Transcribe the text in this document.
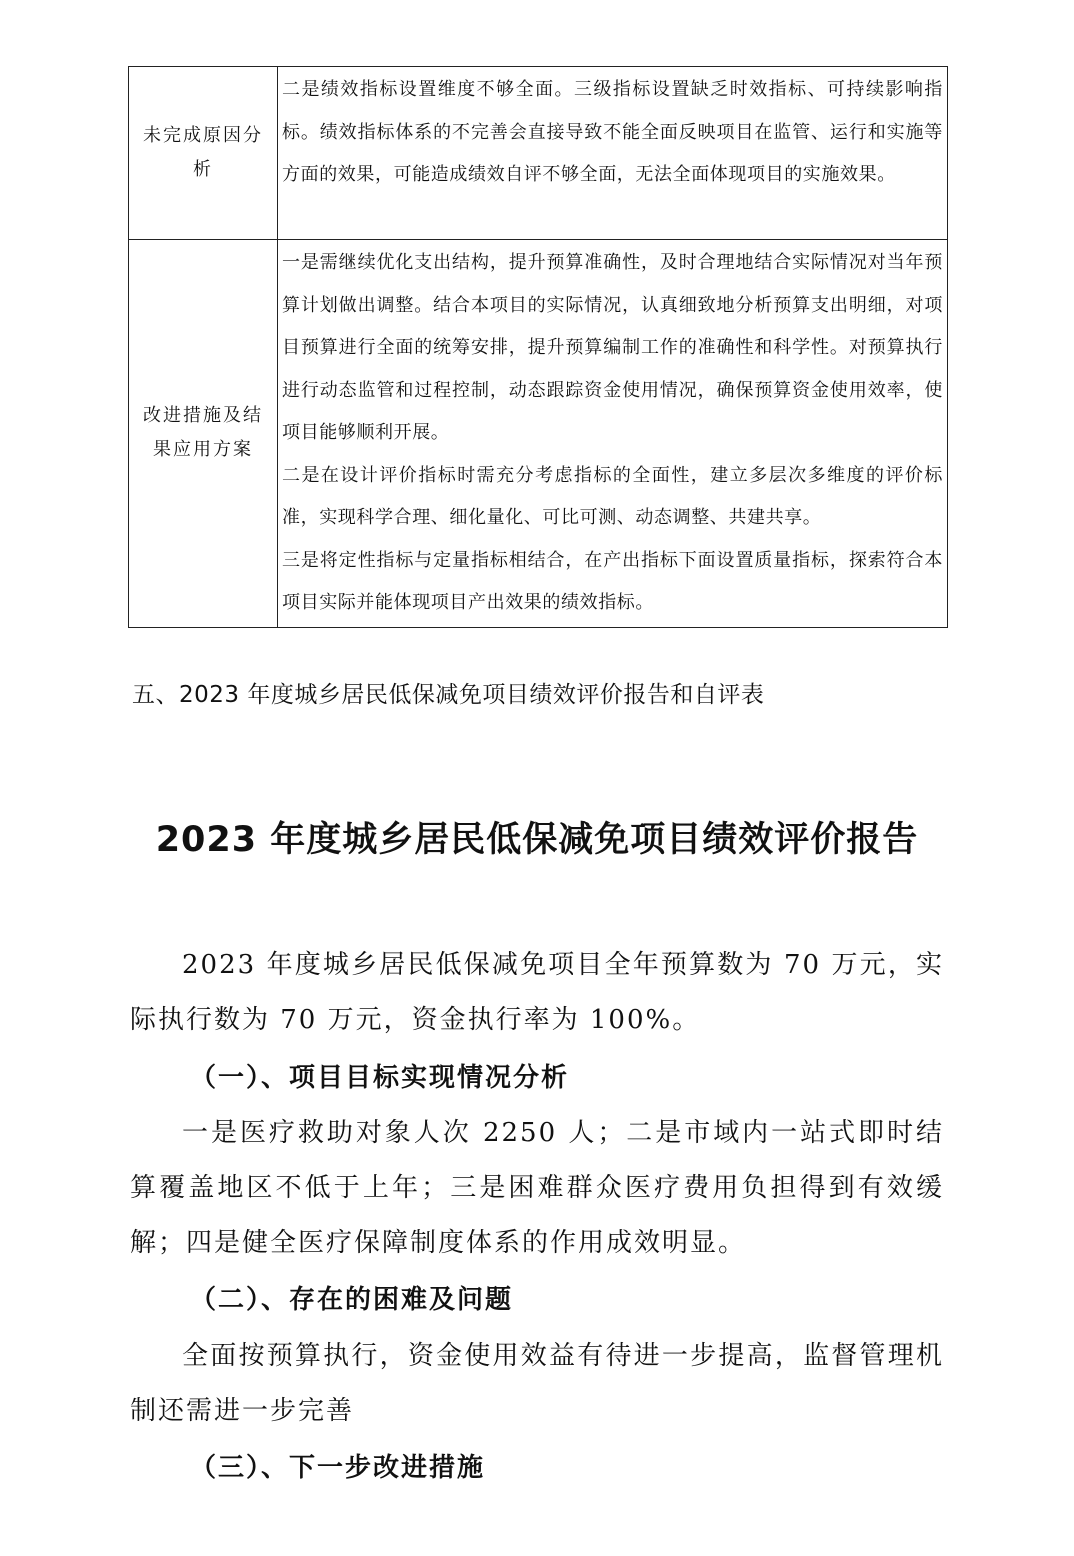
未完成原因分析	二是绩效指标设置维度不够全面。三级指标设置缺乏时效指标、可持续影响指标。绩效指标体系的不完善会直接导致不能全面反映项目在监管、运行和实施等方面的效果，可能造成绩效自评不够全面，无法全面体现项目的实施效果。

改进措施及结果应用方案	一是需继续优化支出结构，提升预算准确性，及时合理地结合实际情况对当年预算计划做出调整。结合本项目的实际情况，认真细致地分析预算支出明细，对项目预算进行全面的统筹安排，提升预算编制工作的准确性和科学性。对预算执行进行动态监管和过程控制，动态跟踪资金使用情况，确保预算资金使用效率，使项目能够顺利开展。

二是在设计评价指标时需充分考虑指标的全面性，建立多层次多维度的评价标准，实现科学合理、细化量化、可比可测、动态调整、共建共享。

三是将定性指标与定量指标相结合，在产出指标下面设置质量指标，探索符合本项目实际并能体现项目产出效果的绩效指标。

五、2023 年度城乡居民低保减免项目绩效评价报告和自评表
2023 年度城乡居民低保减免项目绩效评价报告

2023 年度城乡居民低保减免项目全年预算数为 70 万元，实际执行数为 70 万元，资金执行率为 100%。

（一）、项目目标实现情况分析

一是医疗救助对象人次 2250 人；二是市域内一站式即时结算覆盖地区不低于上年；三是困难群众医疗费用负担得到有效缓解；四是健全医疗保障制度体系的作用成效明显。

（二）、存在的困难及问题

全面按预算执行，资金使用效益有待进一步提高，监督管理机制还需进一步完善

（三）、下一步改进措施
